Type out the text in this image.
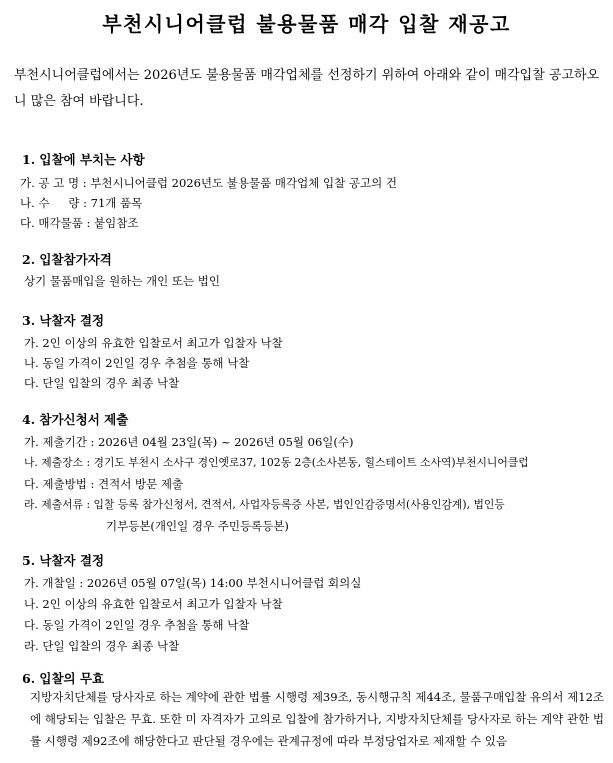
부천시니어클럽 불용물품 매각 입찰 재공고
부천시니어클럽에서는 2026년도 불용물품 매각업체를 선정하기 위하여 아래와 같이 매각입찰 공고하오니 많은 참여 바랍니다.
1. 입찰에 부치는 사항
가. 공 고 명 : 부천시니어클럽 2026년도 불용물품 매각업체 입찰 공고의 건
나. 수 　 량 : 71개 품목
다. 매각물품 : 붙임참조
2. 입찰참가자격
상기 물품매입을 원하는 개인 또는 법인
3. 낙찰자 결정
가. 2인 이상의 유효한 입찰로서 최고가 입찰자 낙찰
나. 동일 가격이 2인일 경우 추첨을 통해 낙찰
다. 단일 입찰의 경우 최종 낙찰
4. 참가신청서 제출
가. 제출기간 : 2026년 04월 23일(목) ~ 2026년 05월 06일(수)
나. 제출장소 : 경기도 부천시 소사구 경인옛로37, 102동 2층(소사본동, 힐스테이트 소사역)부천시니어클럽
다. 제출방법 : 견적서 방문 제출
라. 제출서류 : 입찰 등록 참가신청서, 견적서, 사업자등록증 사본, 법인인감증명서(사용인감계), 법인등
기부등본(개인일 경우 주민등록등본)
5. 낙찰자 결정
가. 개찰일 : 2026년 05월 07일(목) 14:00 부천시니어클럽 회의실
나. 2인 이상의 유효한 입찰로서 최고가 입찰자 낙찰
다. 동일 가격이 2인일 경우 추첨을 통해 낙찰
라. 단일 입찰의 경우 최종 낙찰
6. 입찰의 무효
지방자치단체를 당사자로 하는 계약에 관한 법률 시행령 제39조, 동시행규칙 제44조, 물품구매입찰 유의서 제12조에 해당되는 입찰은 무효. 또한 미 자격자가 고의로 입찰에 참가하거나, 지방자치단체를 당사자로 하는 계약 관한 법률 시행령 제92조에 해당한다고 판단될 경우에는 관계규정에 따라 부정당업자로 제재할 수 있음
